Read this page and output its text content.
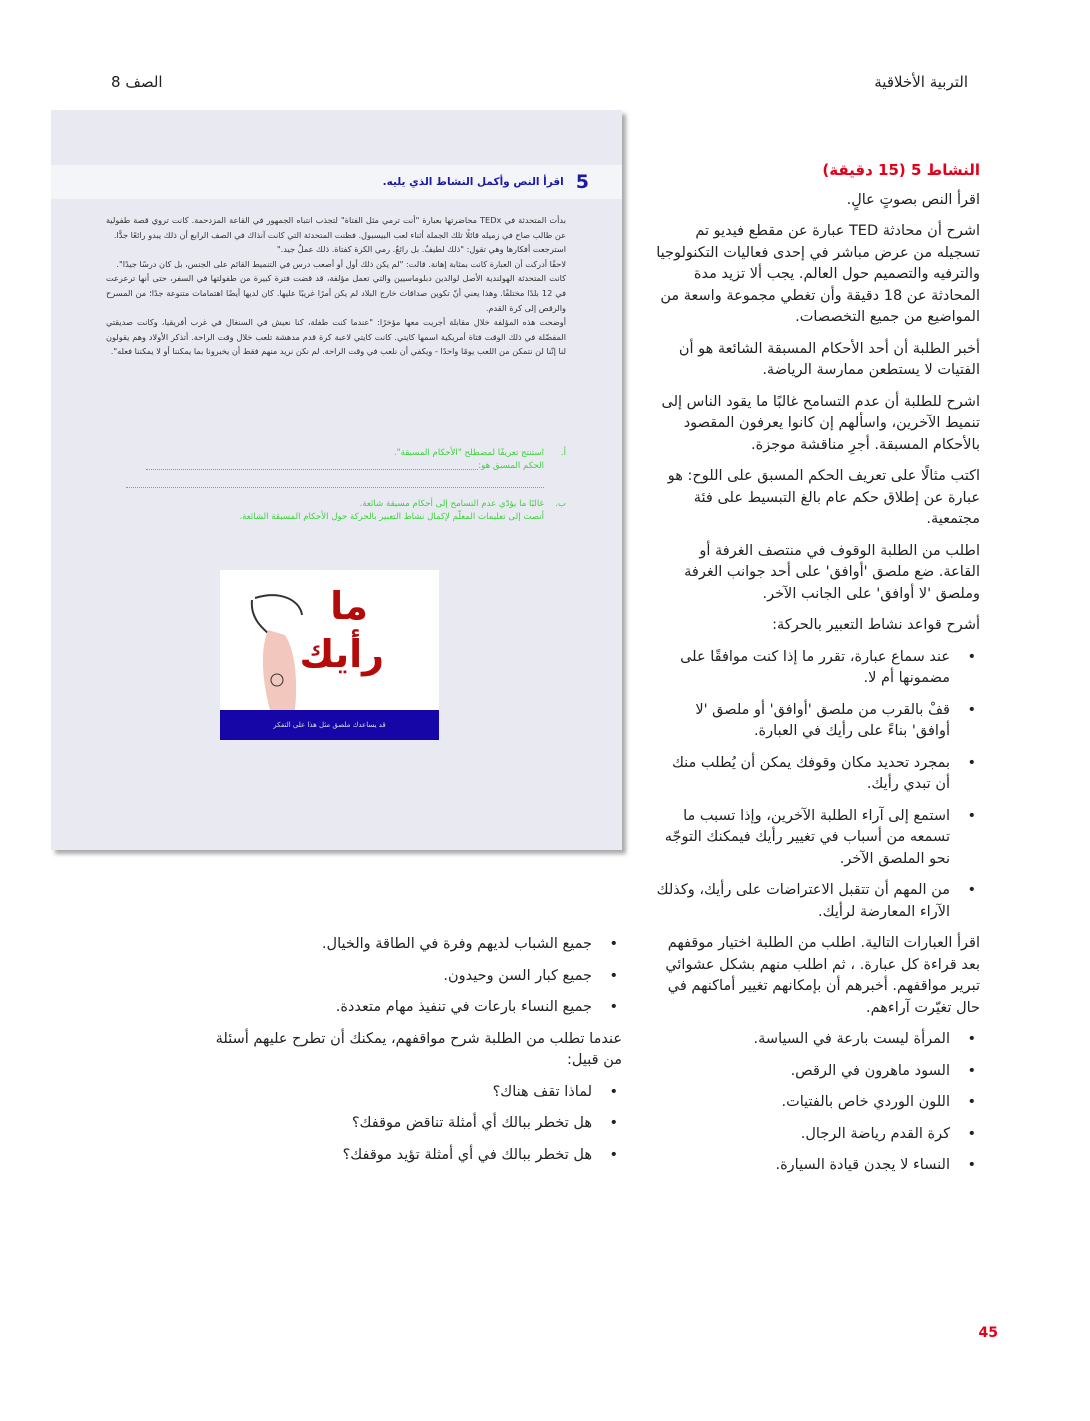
التربية الأخلاقية
الصف 8
5
اقرأ النص وأكمل النشاط الذي يليه.
بدأت المتحدثة في TEDx محاضرتها بعبارة "أنت ترمي مثل الفتاة" لتجذب انتباه الجمهور في القاعة المزدحمة. كانت تروي قصة طفولية عن طالب صاح في زميله قائلًا تلك الجملة أثناء لعب البيسبول. فظنت المتحدثة التي كانت آنذاك في الصف الرابع أن ذلك يبدو رائعًا جدًّا.
استرجعت أفكارها وهي تقول: "ذلك لطيفٌ. بل رائعٌ. رمي الكرة كفتاة. ذلك عملٌ جيد."
لاحقًا أدركت أن العبارة كانت بمثابة إهانة. قالت: "لم يكن ذلك أول أو أصعب درس في التنميط القائم على الجنس، بل كان درسًا جيدًا".
كانت المتحدثة الهولندية الأصل لوالدين دبلوماسيين والتي تعمل مؤلفة، قد قضت فترة كبيرة من طفولتها في السفر، حتى أنها ترعرعت في 12 بلدًا مختلفًا. وهذا يعني أنّ تكوين صداقات خارج البلاد لم يكن أمرًا غريبًا عليها. كان لديها أيضًا اهتمامات متنوعة جدًا؛ من المسرح والرقص إلى كرة القدم.
أوضحت هذه المؤلفة خلال مقابلة أجريت معها مؤخرًا: "عندما كنت طفلة، كنا نعيش في السنغال في غرب أفريقيا، وكانت صديقتي المفضّلة في ذلك الوقت فتاة أمريكية اسمها كايتي. كانت كايتي لاعبة كرة قدم مدهشة تلعب خلال وقت الراحة. أتذكر الأولاد وهم يقولون لنا إنّنا لن نتمكن من اللعب يومًا واحدًا - ويكفي أن نلعب في وقت الراحة. لم نكن نريد منهم فقط أن يخبرونا بما يمكننا أو لا يمكننا فعله".
أ.
استنتج تعريفًا لمصطلح "الأحكام المسبقة".
الحكم المسبق هو:
ب.
غالبًا ما يؤدّي عدم التسامح إلى أحكام مسبقة شائعة.
أنصت إلى تعليمات المعلّم لإكمال نشاط التعبير بالحركة حول الأحكام المسبقة الشائعة.
ما
رأيك
قد يساعدك ملصق مثل هذا على التفكر
النشاط 5 (15 دقيقة)

اقرأ النص بصوتٍ عالٍ.

اشرح أن محادثة TED عبارة عن مقطع فيديو تم تسجيله من عرض مباشر في إحدى فعاليات التكنولوجيا والترفيه والتصميم حول العالم. يجب ألا تزيد مدة المحادثة عن 18 دقيقة وأن تغطي مجموعة واسعة من المواضيع من جميع التخصصات.

أخبر الطلبة أن أحد الأحكام المسبقة الشائعة هو أن الفتيات لا يستطعن ممارسة الرياضة.

اشرح للطلبة أن عدم التسامح غالبًا ما يقود الناس إلى تنميط الآخرين، واسألهم إن كانوا يعرفون المقصود بالأحكام المسبقة. أجرِ مناقشة موجزة.

اكتب مثالًا على تعريف الحكم المسبق على اللوح: هو عبارة عن إطلاق حكم عام بالغ التبسيط على فئة مجتمعية.

اطلب من الطلبة الوقوف في منتصف الغرفة أو القاعة. ضع ملصق 'أوافق' على أحد جوانب الغرفة وملصق 'لا أوافق' على الجانب الآخر.

أشرح قواعد نشاط التعبير بالحركة:

• عند سماع عبارة، تقرر ما إذا كنت موافقًا على مضمونها أم لا.
• قفْ بالقرب من ملصق 'أوافق' أو ملصق 'لا أوافق' بناءً على رأيك في العبارة.
• بمجرد تحديد مكان وقوفك يمكن أن يُطلب منك أن تبدي رأيك.
• استمع إلى آراء الطلبة الآخرين، وإذا تسبب ما تسمعه من أسباب في تغيير رأيك فيمكنك التوجّه نحو الملصق الآخر.
• من المهم أن تتقبل الاعتراضات على رأيك، وكذلك الآراء المعارضة لرأيك.

اقرأ العبارات التالية. اطلب من الطلبة اختيار موقفهم بعد قراءة كل عبارة. ، ثم اطلب منهم بشكل عشوائي تبرير مواقفهم. أخبرهم أن بإمكانهم تغيير أماكنهم في حال تغيّرت آراءهم.

• المرأة ليست بارعة في السياسة.
• السود ماهرون في الرقص.
• اللون الوردي خاص بالفتيات.
• كرة القدم رياضة الرجال.
• النساء لا يجدن قيادة السيارة.
• جميع الشباب لديهم وفرة في الطاقة والخيال.
• جميع كبار السن وحيدون.
• جميع النساء بارعات في تنفيذ مهام متعددة.

عندما تطلب من الطلبة شرح مواقفهم، يمكنك أن تطرح عليهم أسئلة من قبيل:

• لماذا تقف هناك؟
• هل تخطر ببالك أي أمثلة تناقض موقفك؟
• هل تخطر ببالك في أي أمثلة تؤيد موقفك؟
45
